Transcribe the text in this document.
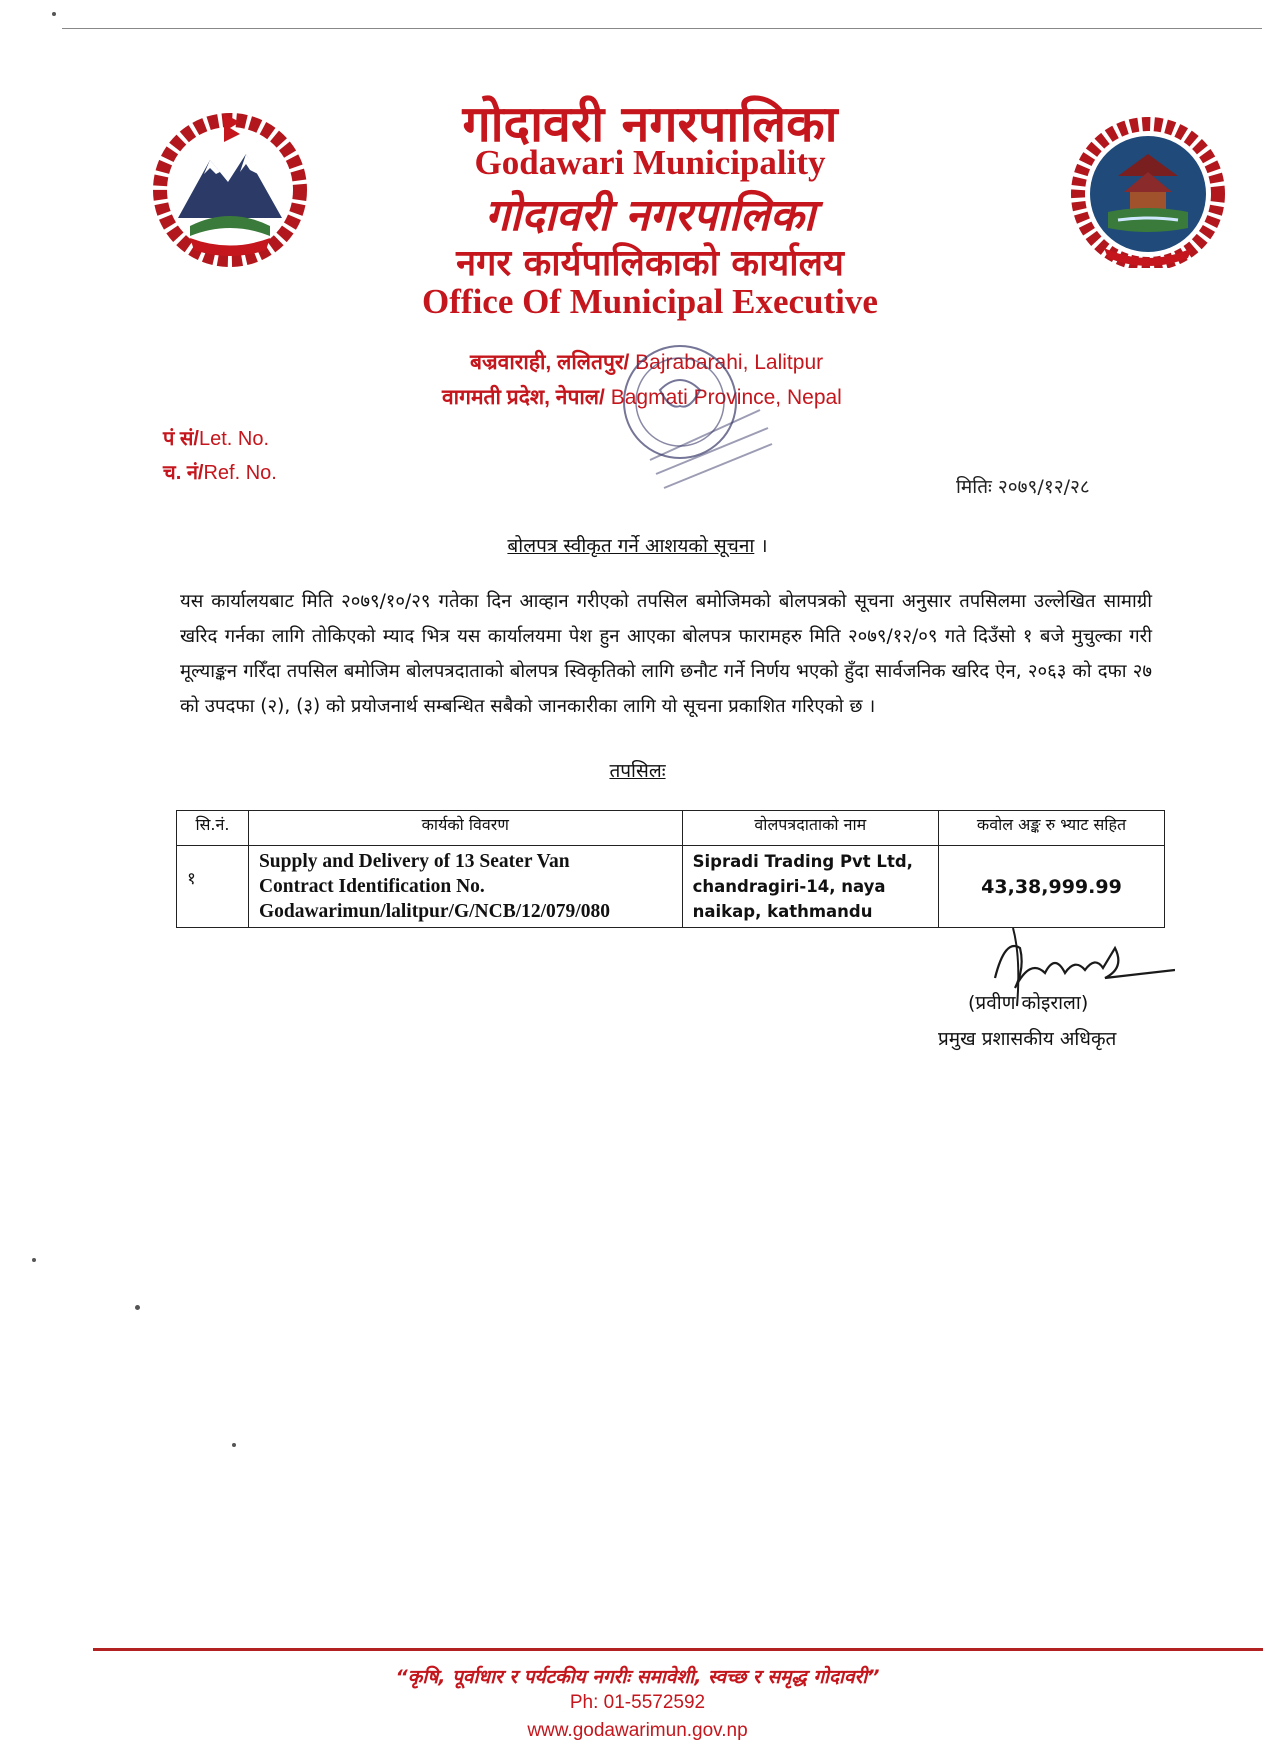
गोदावरी नगरपालिका
Godawari Municipality
गोदावरी नगरपालिका
नगर कार्यपालिकाको कार्यालय
Office Of Municipal Executive
बज्रवाराही, ललितपुर/ Bajrabarahi, Lalitpur
वागमती प्रदेश, नेपाल/ Bagmati Province, Nepal
पं सं/Let. No.
च. नं/Ref. No.
मितिः २०७९/१२/२८
बोलपत्र स्वीकृत गर्ने आशयको सूचना ।
यस कार्यालयबाट मिति २०७९/१०/२९ गतेका दिन आव्हान गरीएको तपसिल बमोजिमको बोलपत्रको सूचना अनुसार तपसिलमा उल्लेखित सामाग्री खरिद गर्नका लागि तोकिएको म्याद भित्र यस कार्यालयमा पेश हुन आएका बोलपत्र फारामहरु मिति २०७९/१२/०९ गते दिउँसो १ बजे मुचुल्का गरी मूल्याङ्कन गरिँदा तपसिल बमोजिम बोलपत्रदाताको बोलपत्र स्विकृतिको लागि छनौट गर्ने निर्णय भएको हुँदा सार्वजनिक खरिद ऐन, २०६३ को दफा २७ को उपदफा (२), (३) को प्रयोजनार्थ सम्बन्धित सबैको जानकारीका लागि यो सूचना प्रकाशित गरिएको छ ।
तपसिलः
सि.नं.	कार्यको विवरण	वोलपत्रदाताको नाम	कवोल अङ्क रु भ्याट सहित
१	Supply and Delivery of 13 Seater Van
Contract Identification No.
Godawarimun/lalitpur/G/NCB/12/079/080	Sipradi Trading Pvt Ltd,
chandragiri-14, naya
naikap, kathmandu	43,38,999.99
(प्रवीण कोइराला)
प्रमुख प्रशासकीय अधिकृत
“कृषि, पूर्वाधार र पर्यटकीय नगरीः समावेशी, स्वच्छ र समृद्ध गोदावरी”
Ph: 01-5572592
www.godawarimun.gov.np
